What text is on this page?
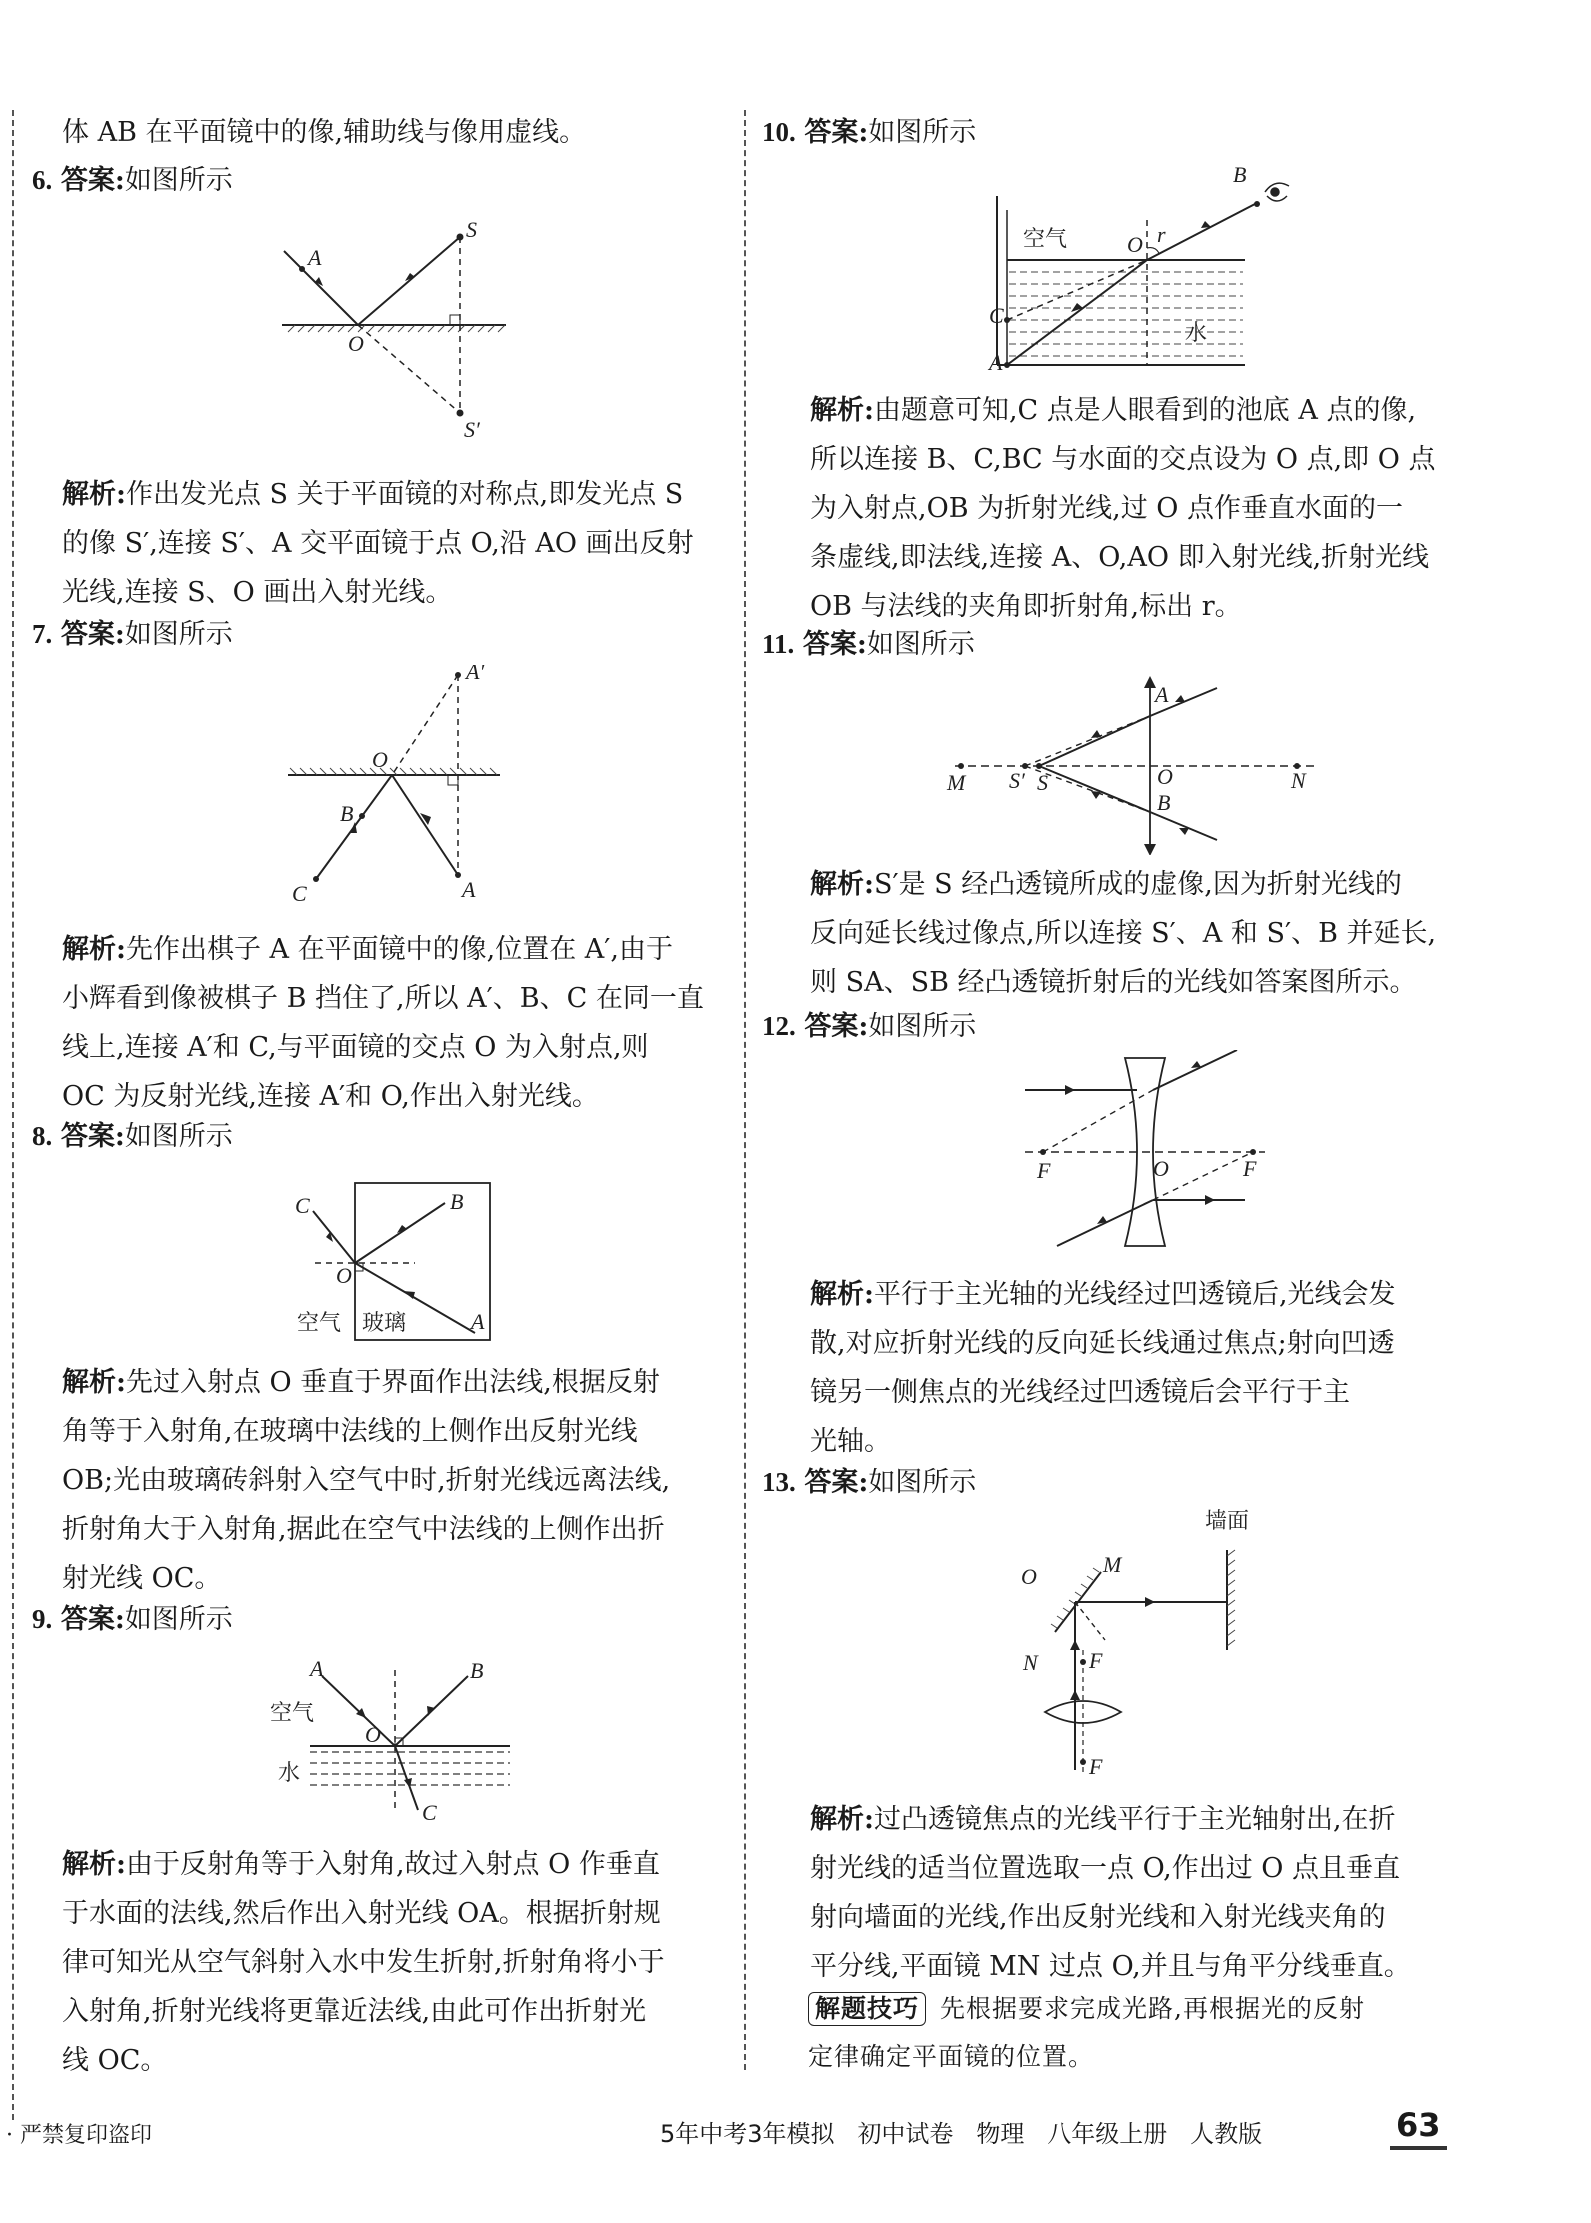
体 AB 在平面镜中的像,辅助线与像用虚线。
6. 答案:如图所示
S
A
O
S′
解析:作出发光点 S 关于平面镜的对称点,即发光点 S
的像 S′,连接 S′、A 交平面镜于点 O,沿 AO 画出反射
光线,连接 S、O 画出入射光线。
7. 答案:如图所示
A′
O
B
C	A
解析:先作出棋子 A 在平面镜中的像,位置在 A′,由于
小辉看到像被棋子 B 挡住了,所以 A′、B、C 在同一直
线上,连接 A′和 C,与平面镜的交点 O 为入射点,则
OC 为反射光线,连接 A′和 O,作出入射光线。
8. 答案:如图所示
C	B
O
A
空气 玻璃
解析:先过入射点 O 垂直于界面作出法线,根据反射
角等于入射角,在玻璃中法线的上侧作出反射光线
OB;光由玻璃砖斜射入空气中时,折射光线远离法线,
折射角大于入射角,据此在空气中法线的上侧作出折
射光线 OC。
9. 答案:如图所示
A	B
O
C
空气
水
解析:由于反射角等于入射角,故过入射点 O 作垂直
于水面的法线,然后作出入射光线 OA。根据折射规
律可知光从空气斜射入水中发生折射,折射角将小于
入射角,折射光线将更靠近法线,由此可作出折射光
线 OC。
10. 答案:如图所示
B
O r
C
A
空气
水
解析:由题意可知,C 点是人眼看到的池底 A 点的像,
所以连接 B、C,BC 与水面的交点设为 O 点,即 O 点
为入射点,OB 为折射光线,过 O 点作垂直水面的一
条虚线,即法线,连接 A、O,AO 即入射光线,折射光线
OB 与法线的夹角即折射角,标出 r。
11. 答案:如图所示
M S′ S
A
O
B
N
解析:S′是 S 经凸透镜所成的虚像,因为折射光线的
反向延长线过像点,所以连接 S′、A 和 S′、B 并延长,
则 SA、SB 经凸透镜折射后的光线如答案图所示。
12. 答案:如图所示
F	O	F
解析:平行于主光轴的光线经过凹透镜后,光线会发
散,对应折射光线的反向延长线通过焦点;射向凹透
镜另一侧焦点的光线经过凹透镜后会平行于主
光轴。
13. 答案:如图所示
墙面
O	M
N F
F
解析:过凸透镜焦点的光线平行于主光轴射出,在折
射光线的适当位置选取一点 O,作出过 O 点且垂直
射向墙面的光线,作出反射光线和入射光线夹角的
平分线,平面镜 MN 过点 O,并且与角平分线垂直。
解题技巧 先根据要求完成光路,再根据光的反射
定律确定平面镜的位置。
· 严禁复印盗印	5年中考3年模拟 初中试卷 物理 八年级上册 人教版	63
